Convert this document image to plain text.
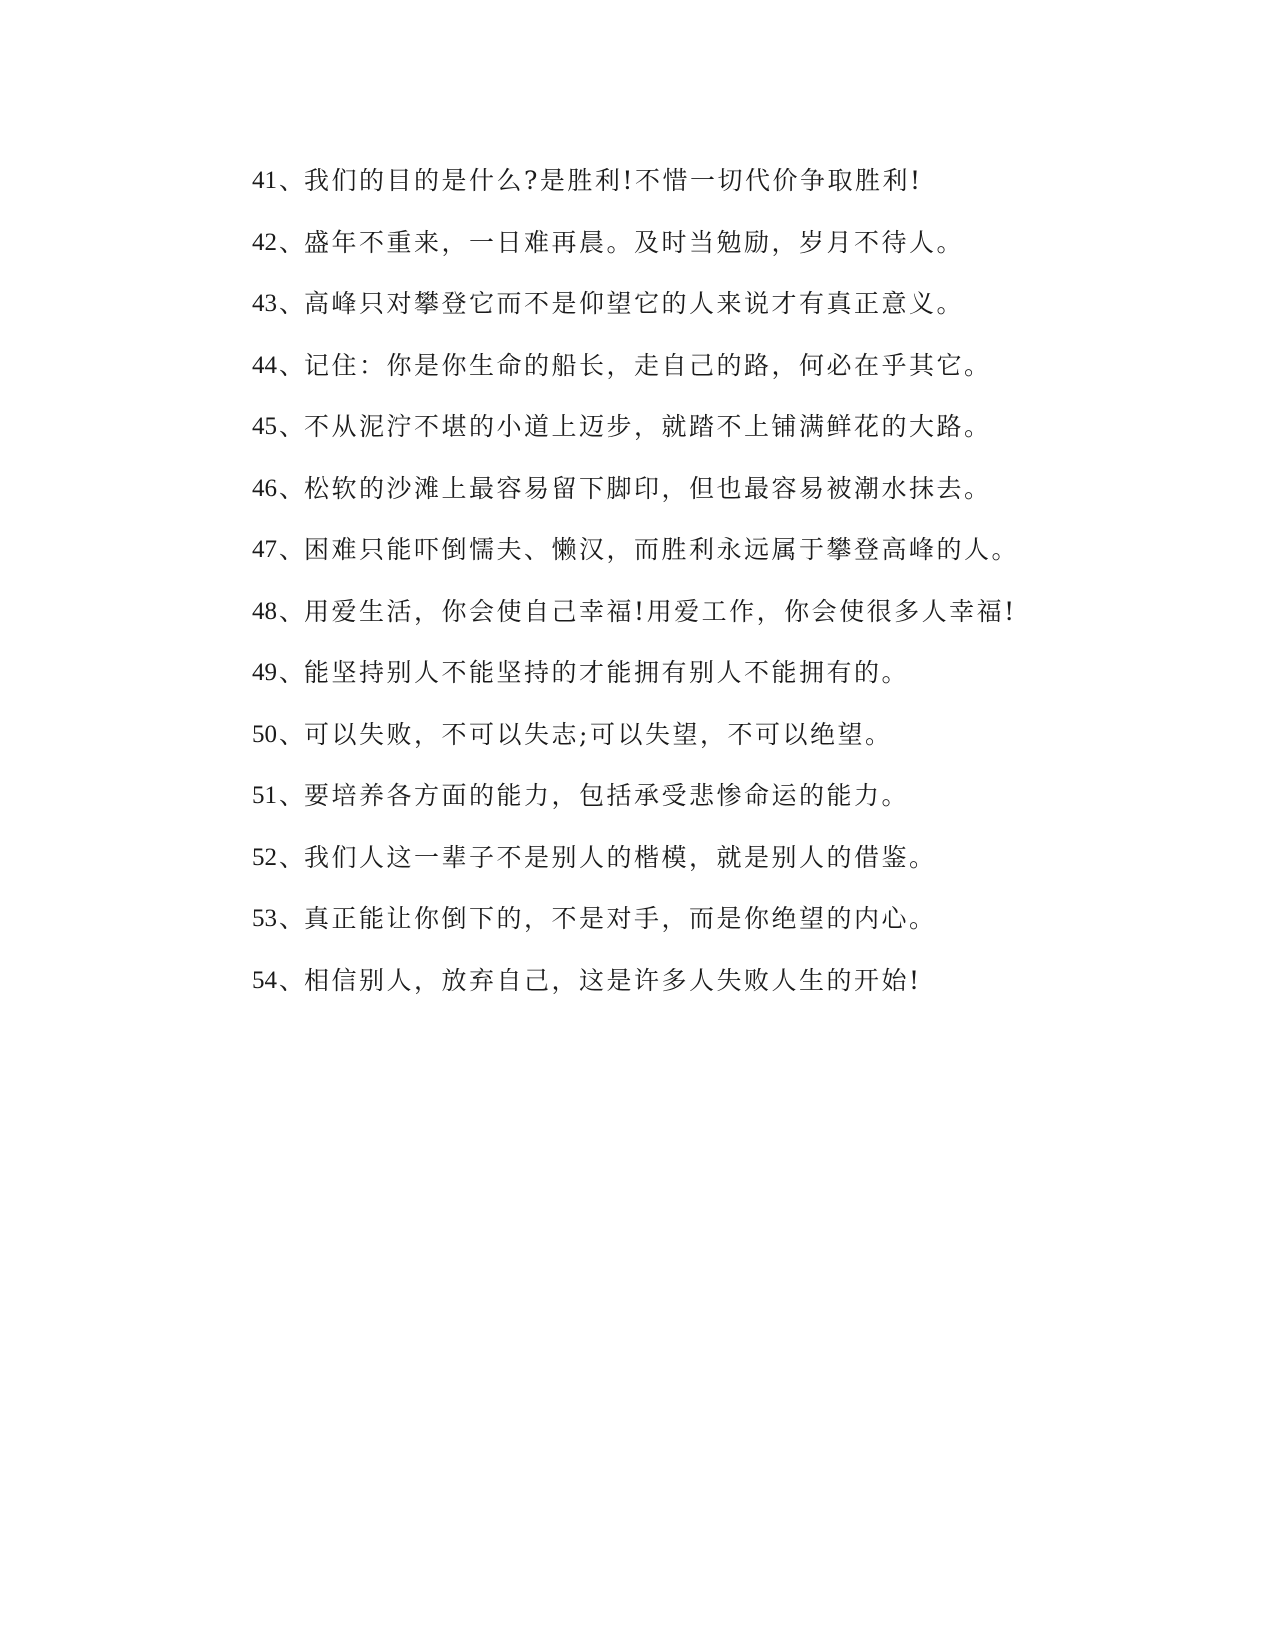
41 、 我们的目的是什么?是胜利!不惜一切代价争取胜利!
42 、 盛年不重来，一日难再晨。及时当勉励，岁月不待人。
43 、 高峰只对攀登它而不是仰望它的人来说才有真正意义。
44 、 记住：你是你生命的船长，走自己的路，何必在乎其它。
45 、 不从泥泞不堪的小道上迈步，就踏不上铺满鲜花的大路。
46 、 松软的沙滩上最容易留下脚印，但也最容易被潮水抹去。
47 、 困难只能吓倒懦夫、懒汉，而胜利永远属于攀登高峰的人。
48 、 用爱生活，你会使自己幸福!用爱工作，你会使很多人幸福!
49 、 能坚持别人不能坚持的才能拥有别人不能拥有的。
50 、 可以失败，不可以失志;可以失望，不可以绝望。
51 、 要培养各方面的能力，包括承受悲惨命运的能力。
52 、 我们人这一辈子不是别人的楷模，就是别人的借鉴。
53 、 真正能让你倒下的，不是对手，而是你绝望的内心。
54 、 相信别人，放弃自己，这是许多人失败人生的开始!
